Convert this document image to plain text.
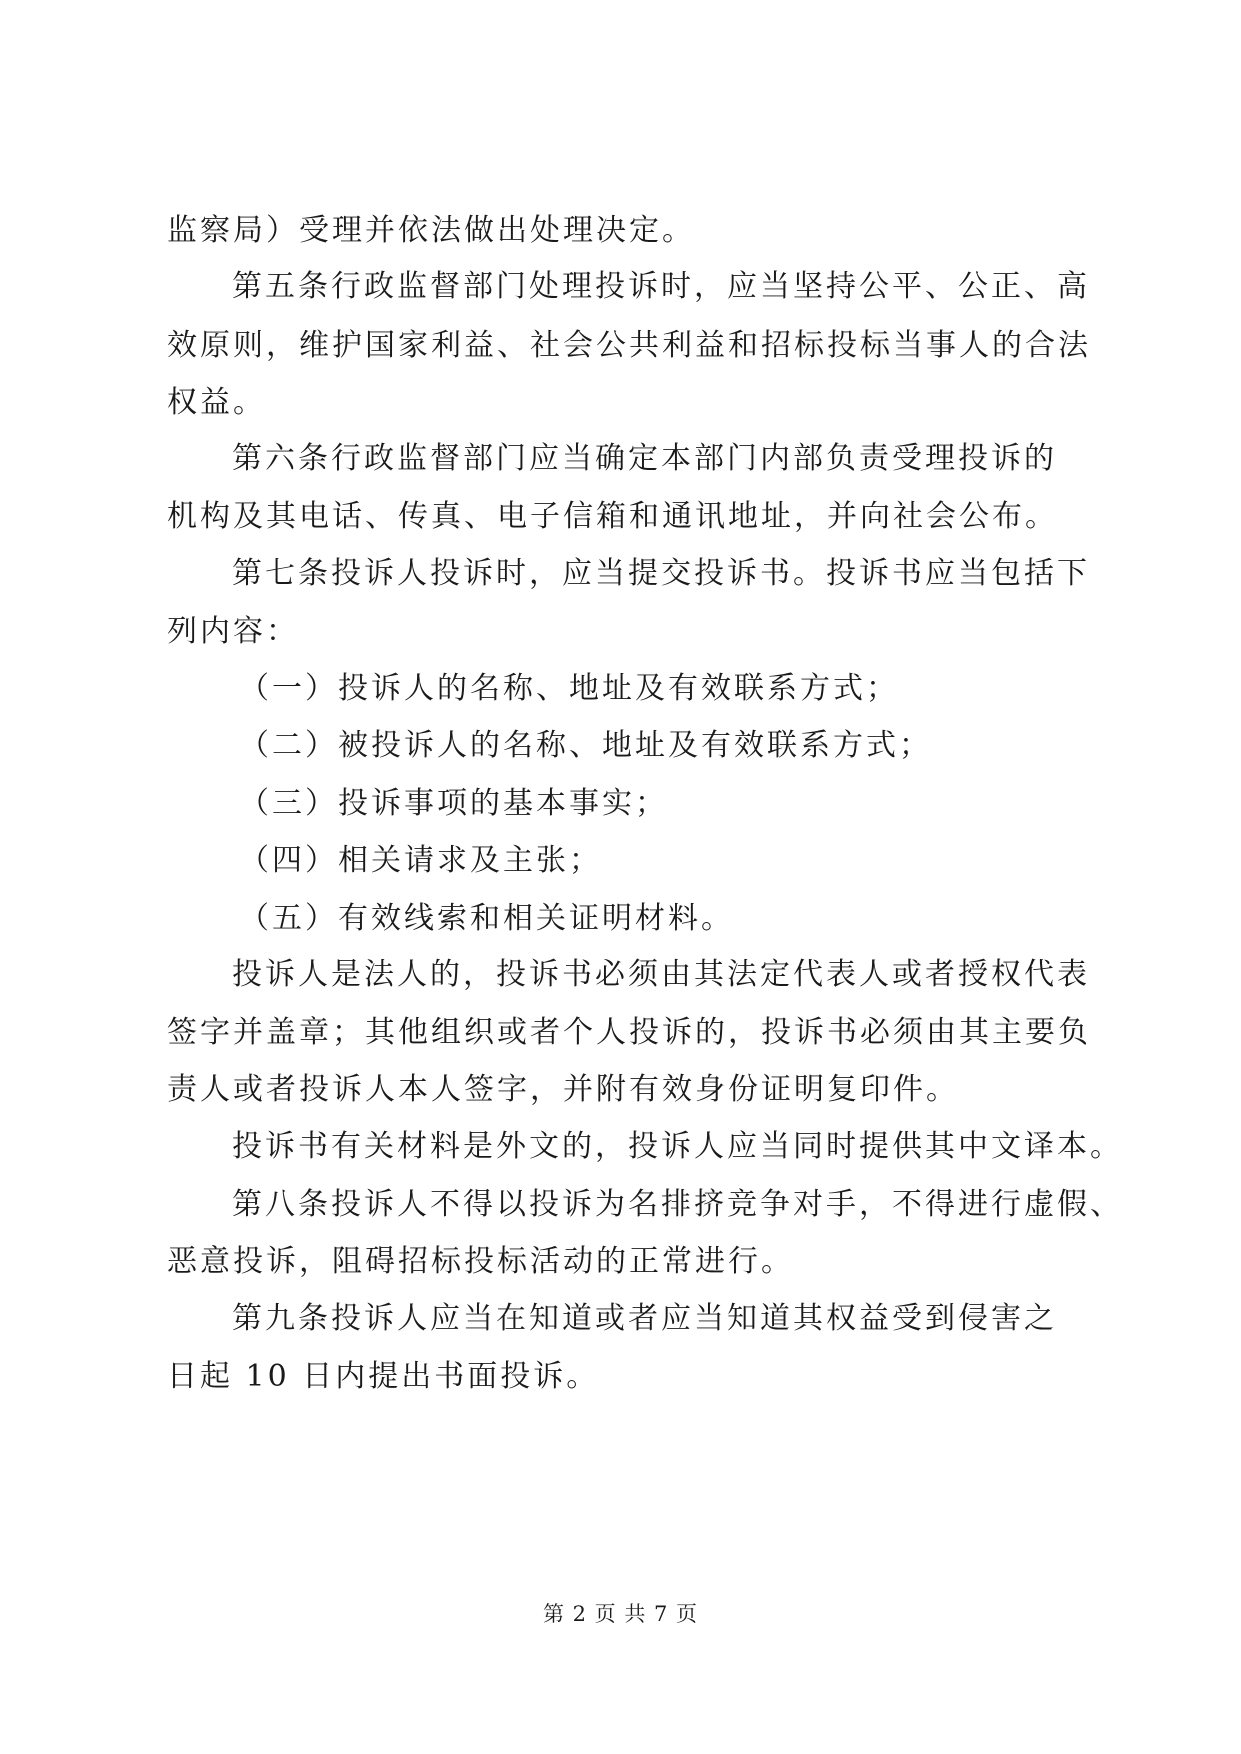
监察局）受理并依法做出处理决定。
第五条行政监督部门处理投诉时，应当坚持公平、公正、高
效原则，维护国家利益、社会公共利益和招标投标当事人的合法
权益。
第六条行政监督部门应当确定本部门内部负责受理投诉的
机构及其电话、传真、电子信箱和通讯地址，并向社会公布。
第七条投诉人投诉时，应当提交投诉书。投诉书应当包括下
列内容：
（一）投诉人的名称、地址及有效联系方式；
（二）被投诉人的名称、地址及有效联系方式；
（三）投诉事项的基本事实；
（四）相关请求及主张；
（五）有效线索和相关证明材料。
投诉人是法人的，投诉书必须由其法定代表人或者授权代表
签字并盖章；其他组织或者个人投诉的，投诉书必须由其主要负
责人或者投诉人本人签字，并附有效身份证明复印件。
投诉书有关材料是外文的，投诉人应当同时提供其中文译本。
第八条投诉人不得以投诉为名排挤竞争对手，不得进行虚假、
恶意投诉，阻碍招标投标活动的正常进行。
第九条投诉人应当在知道或者应当知道其权益受到侵害之
日起 10 日内提出书面投诉。
第 2 页 共 7 页
